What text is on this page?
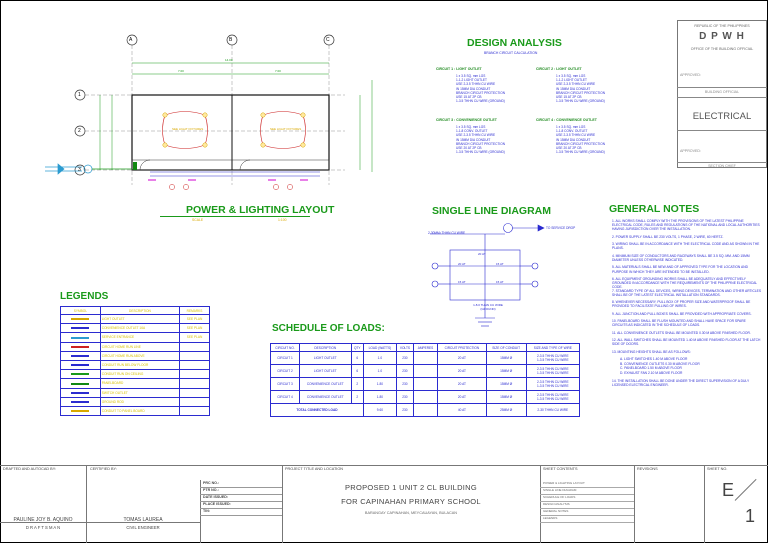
14.00
7.00	7.00
SEE LIGHT FIXTURES	SEE LIGHT FIXTURES
A	B	C
1
2
3
POWER & LIGHTING LAYOUT
SCALE	1:100
DESIGN ANALYSIS
BRANCH CIRCUIT CALCULATION
CIRCUIT 1 : LIGHT OUTLET
1 x 3.5 SQ. mm LGS
1-1.2 LIGHT OUTLET
USE 2-3.5 THHN CU WIRE
IN 15MM DIA CONDUIT
BRANCH CIRCUIT PROTECTION
USE 15 AT 2P CB
1-3.5 THHN CU WIRE (GROUND)
CIRCUIT 2 : LIGHT OUTLET
1 x 3.5 SQ. mm LGS
1-1.2 LIGHT OUTLET
USE 2-3.5 THHN CU WIRE
IN 15MM DIA CONDUIT
BRANCH CIRCUIT PROTECTION
USE 15 AT 2P CB
1-3.5 THHN CU WIRE (GROUND)
CIRCUIT 3 : CONVENIENCE OUTLET
1 x 3.5 SQ. mm LGS
1-1.8 CONV. OUTLET
USE 2-3.5 THHN CU WIRE
IN 15MM DIA CONDUIT
BRANCH CIRCUIT PROTECTION
USE 20 AT 2P CB
1-3.5 THHN CU WIRE (GROUND)
CIRCUIT 4 : CONVENIENCE OUTLET
1 x 3.5 SQ. mm LGS
1-1.8 CONV. OUTLET
USE 2-3.5 THHN CU WIRE
IN 15MM DIA CONDUIT
BRANCH CIRCUIT PROTECTION
USE 20 AT 2P CB
1-3.5 THHN CU WIRE (GROUND)
SINGLE LINE DIAGRAM
2-30MM² THHN CU WIRE
TO SERVICE DROP
20 AT
20 AT	15 AT
15 AT	15 AT
1-8.0 THHN CU WIRE (GROUND)
LEGENDS
SYMBOL	DESCRIPTION	REMARKS
	LIGHT OUTLET	SEE PLAN
	CONVENIENCE OUTLET 16A	SEE PLAN
	SERVICE ENTRANCE	SEE PLAN
	CIRCUIT HOME RUN LINE	
	CIRCUIT HOME RUN ABOVE	
	CONDUIT RUN BELOW FLOOR	
	CONDUIT RUN ON CEILING	
	PANELBOARD	
	SWITCH OUTLET	
	GROUND ROD	
	CONDUIT TO PANEL BOARD	
SCHEDULE OF LOADS:
CIRCUIT NO.	DESCRIPTION	QTY	LOAD (WATTS)	VOLTS	AMPERES	CIRCUIT PROTECTION	SIZE OF CONDUIT	SIZE AND TYPE OF WIRE
CIRCUIT 1	LIGHT OUTLET	6	1.0	230		20 AT	15MM Ø	2-3.5 THHN CU WIRE
1-3.5 THHN CU WIRE
CIRCUIT 2	LIGHT OUTLET	6	1.0	230		20 AT	15MM Ø	2-3.5 THHN CU WIRE
1-3.5 THHN CU WIRE
CIRCUIT 3	CONVENIENCE OUTLET	2	1.80	230		20 AT	15MM Ø	2-3.5 THHN CU WIRE
1-3.5 THHN CU WIRE
CIRCUIT 4	CONVENIENCE OUTLET	2	1.80	230		20 AT	15MM Ø	2-3.5 THHN CU WIRE
1-3.5 THHN CU WIRE
TOTAL CONNECTED LOAD			9.60	230		40 AT	25MM Ø	2-30 THHN CU WIRE
GENERAL NOTES
1. ALL WORKS SHALL COMPLY WITH THE PROVISIONS OF THE LATEST PHILIPPINE ELECTRICAL CODE, RULES AND REGULATIONS OF THE NATIONAL AND LOCAL AUTHORITIES HAVING JURISDICTION OVER THE INSTALLATION.
2. POWER SUPPLY SHALL BE 230 VOLTS, 1 PHASE, 2 WIRE, 60 HERTZ.
3. WIRING SHALL BE IN ACCORDANCE WITH THE ELECTRICAL CODE AND AS SHOWN IN THE PLANS.
4. MINIMUM SIZE OF CONDUCTORS AND RACEWAYS SHALL BE 3.5 SQ. MM. AND 15MM DIAMETER UNLESS OTHERWISE INDICATED.
5. ALL MATERIALS SHALL BE NEW AND OF APPROVED TYPE FOR THE LOCATION AND PURPOSE IN WHICH THEY ARE INTENDED TO BE INSTALLED.
6. ALL EQUIPMENT GROUNDING WORKS SHALL BE ADEQUATELY AND EFFECTIVELY GROUNDED IN ACCORDANCE WITH THE REQUIREMENTS OF THE PHILIPPINE ELECTRICAL CODE.
7. STANDARD TYPE OF ALL DEVICES, WIRING DEVICES, TERMINATION AND OTHER ARTICLES SHALL BE OF THE LATEST ELECTRICAL INSTALLATION STANDARDS.
8. WHENEVER NECESSARY, PULL BOX OF PROPER SIZE AND WATERPROOF SHALL BE PROVIDED TO FACILITATE PULLING OF WIRES.
9. ALL JUNCTION AND PULL BOXES SHALL BE PROVIDED WITH APPROPRIATE COVERS.
10. PANELBOARD SHALL BE FLUSH MOUNTED AND SHALL HAVE SPACE FOR SPARE CIRCUITS AS INDICATED IN THE SCHEDULE OF LOADS.
11. ALL CONVENIENCE OUTLETS SHALL BE MOUNTED 0.30 M ABOVE FINISHED FLOOR.
12. ALL WALL SWITCHES SHALL BE MOUNTED 1.40 M ABOVE FINISHED FLOOR AT THE LATCH SIDE OF DOORS.
13. MOUNTING HEIGHTS SHALL BE AS FOLLOWS:
A. LIGHT SWITCHES 1.40 M ABOVE FLOOR
B. CONVENIENCE OUTLETS 0.30 M ABOVE FLOOR
C. PANELBOARD 1.50 M ABOVE FLOOR
D. EXHAUST FAN 2.10 M ABOVE FLOOR
14. THE INSTALLATION SHALL BE DONE UNDER THE DIRECT SUPERVISION OF A DULY LICENSED ELECTRICAL ENGINEER.
REPUBLIC OF THE PHILIPPINES
D P W H
OFFICE OF THE BUILDING OFFICIAL
APPROVED:
BUILDING OFFICIAL
ELECTRICAL
APPROVED:
SECTION CHIEF
DRAFTED AND AUTOCAD BY:	CERTIFIED BY:
PAULINE JOY B. AQUINO
D R A F T S M A N
TOMAS LAUREA
CIVIL ENGINEER
PRC NO.:
PTR NO.:
DATE ISSUED:
PLACE ISSUED:
TIN:
PROJECT TITLE AND LOCATION
PROPOSED 1 UNIT 2 CL BUILDING
FOR CAPINAHAN PRIMARY SCHOOL
BARANGAY CAPINAHAN, MEYCAUAYAN, BULACAN
SHEET CONTENTS
POWER & LIGHTING LAYOUT
SINGLE LINE DIAGRAM
SCHEDULE OF LOADS
DESIGN ANALYSIS
GENERAL NOTES
LEGENDS
REVISIONS	SHEET NO.
E
1
